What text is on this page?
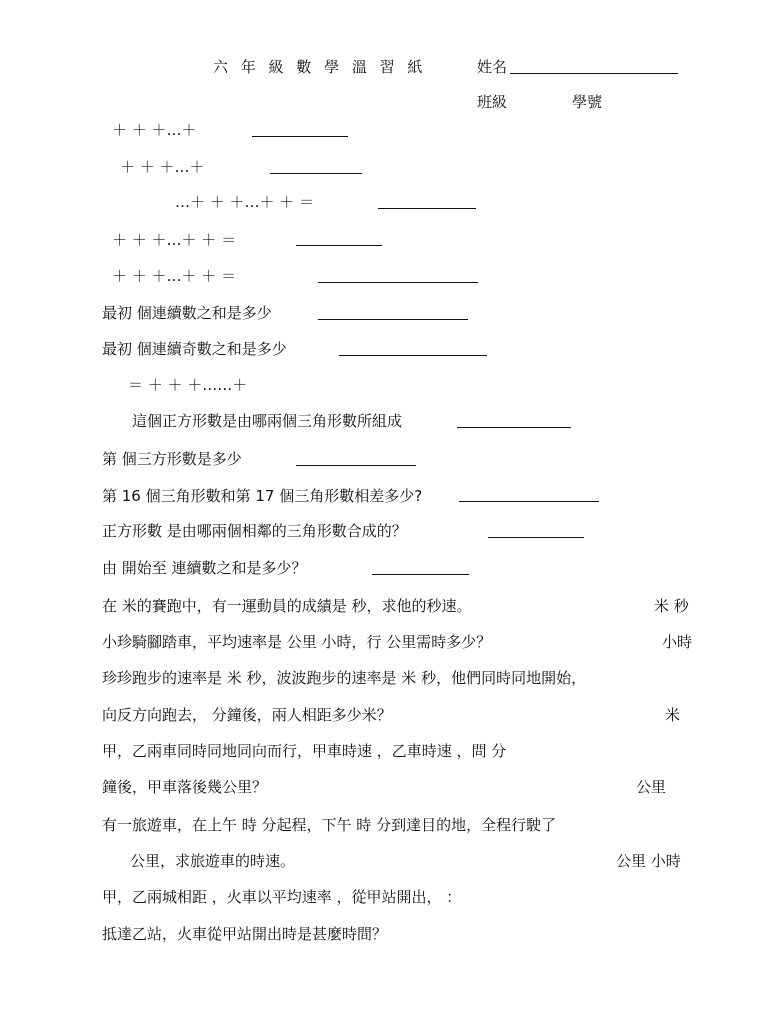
六 年 級 數 學 溫 習 紙	姓名
班級	學號
＋ ＋ ＋…＋
＋ ＋ ＋…＋
…＋ ＋ ＋…＋ ＋ ＝
＋ ＋ ＋…＋ ＋ ＝
＋ ＋ ＋…＋ ＋ ＝
最初 個連續數之和是多少
最初 個連續奇數之和是多少
＝ ＋ ＋ ＋……＋
這個正方形數是由哪兩個三角形數所組成
第 個三方形數是多少
第 16 個三角形數和第 17 個三角形數相差多少?
正方形數 是由哪兩個相鄰的三角形數合成的？
由 開始至 連續數之和是多少？
在 米的賽跑中，有一運動員的成績是 秒，求他的秒速。	米 秒
小珍騎腳踏車，平均速率是 公里 小時，行 公里需時多少？	小時
珍珍跑步的速率是 米 秒，波波跑步的速率是 米 秒，他們同時同地開始，
向反方向跑去， 分鐘後，兩人相距多少米？	米
甲，乙兩車同時同地同向而行，甲車時速 ，乙車時速 ，問 分
鐘後，甲車落後幾公里？	公里
有一旅遊車，在上午 時 分起程，下午 時 分到達目的地，全程行駛了
公里，求旅遊車的時速。	公里 小時
甲，乙兩城相距 ，火車以平均速率 ，從甲站開出， ：
抵達乙站，火車從甲站開出時是甚麼時間？
